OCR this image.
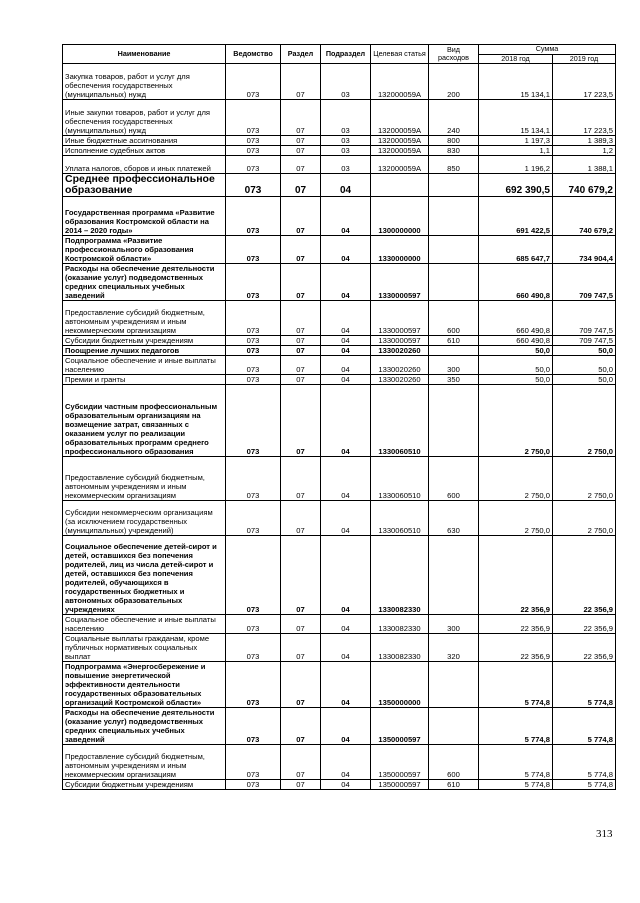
Наименование	Ведомство	Раздел	Подраздел	Целевая статья	Вид расходов	Сумма	
						2018 год	2019 год
Закупка товаров, работ и услуг для обеспечения государственных (муниципальных) нужд	073	07	03	132000059А	200	15 134,1	17 223,5
Иные закупки товаров, работ и услуг для обеспечения государственных (муниципальных) нужд	073	07	03	132000059А	240	15 134,1	17 223,5
Иные бюджетные ассигнования	073	07	03	132000059А	800	1 197,3	1 389,3
Исполнение судебных актов	073	07	03	132000059А	830	1,1	1,2
Уплата налогов, сборов и иных платежей	073	07	03	132000059А	850	1 196,2	1 388,1
Среднее профессиональное образование	073	07	04			692 390,5	740 679,2
Государственная программа «Развитие образования Костромской области на 2014 – 2020 годы»	073	07	04	1300000000		691 422,5	740 679,2
Подпрограмма «Развитие профессионального образования Костромской области»	073	07	04	1330000000		685 647,7	734 904,4
Расходы на обеспечение деятельности (оказание услуг) подведомственных средних специальных учебных заведений	073	07	04	1330000597		660 490,8	709 747,5
Предоставление субсидий бюджетным, автономным учреждениям и иным некоммерческим организациям	073	07	04	1330000597	600	660 490,8	709 747,5
Субсидии бюджетным учреждениям	073	07	04	1330000597	610	660 490,8	709 747,5
Поощрение лучших педагогов	073	07	04	1330020260		50,0	50,0
Социальное обеспечение и иные выплаты населению	073	07	04	1330020260	300	50,0	50,0
Премии и гранты	073	07	04	1330020260	350	50,0	50,0
Субсидии частным профессиональным образовательным организациям на возмещение затрат, связанных с оказанием услуг по реализации образовательных программ среднего профессионального образования	073	07	04	1330060510		2 750,0	2 750,0
Предоставление субсидий бюджетным, автономным учреждениям и иным некоммерческим организациям	073	07	04	1330060510	600	2 750,0	2 750,0
Субсидии некоммерческим организациям (за исключением государственных (муниципальных) учреждений)	073	07	04	1330060510	630	2 750,0	2 750,0
Социальное обеспечение детей-сирот и детей, оставшихся без попечения родителей, лиц из числа детей-сирот и детей, оставшихся без попечения родителей, обучающихся в государственных бюджетных и автономных образовательных учреждениях	073	07	04	1330082330		22 356,9	22 356,9
Социальное обеспечение и иные выплаты населению	073	07	04	1330082330	300	22 356,9	22 356,9
Социальные выплаты гражданам, кроме публичных нормативных социальных выплат	073	07	04	1330082330	320	22 356,9	22 356,9
Подпрограмма «Энергосбережение и повышение энергетической эффективности деятельности государственных образовательных организаций Костромской области»	073	07	04	1350000000		5 774,8	5 774,8
Расходы на обеспечение деятельности (оказание услуг) подведомственных средних специальных учебных заведений	073	07	04	1350000597		5 774,8	5 774,8
Предоставление субсидий бюджетным, автономным учреждениям и иным некоммерческим организациям	073	07	04	1350000597	600	5 774,8	5 774,8
Субсидии бюджетным учреждениям	073	07	04	1350000597	610	5 774,8	5 774,8
313
